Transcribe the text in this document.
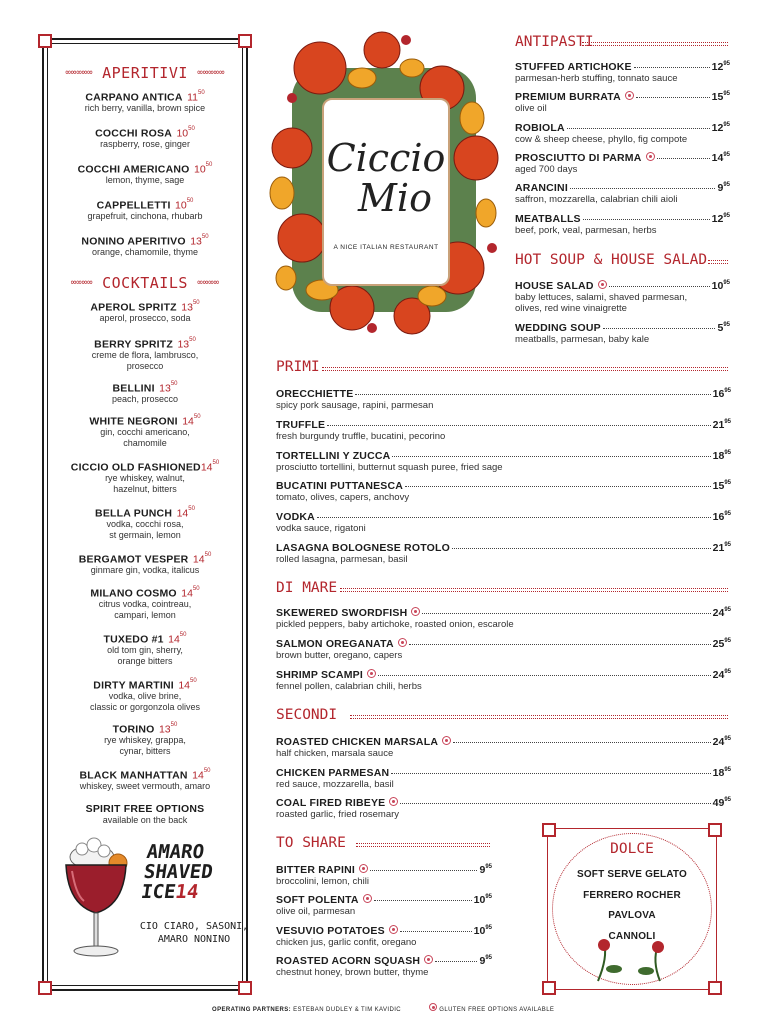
∞∞∞∞∞ APERITIVI ∞∞∞∞∞
CARPANO ANTICA $11^{50}$
rich berry, vanilla, brown spice
COCCHI ROSA $10^{50}$
raspberry, rose, ginger
COCCHI AMERICANO $10^{50}$
lemon, thyme, sage
CAPPELLETTI $10^{50}$
grapefruit, cinchona, rhubarb
NONINO APERITIVO $13^{50}$
orange, chamomile, thyme
∞∞∞∞ COCKTAILS ∞∞∞∞
APEROL SPRITZ $13^{50}$
aperol, prosecco, soda
BERRY SPRITZ $13^{50}$
creme de flora, lambrusco,
prosecco
BELLINI $13^{50}$
peach, prosecco
WHITE NEGRONI $14^{50}$
gin, cocchi americano,
chamomile
CICCIO OLD $FASHIONED14^{50}$
rye whiskey, walnut,
hazelnut, bitters
BELLA PUNCH $14^{50}$
vodka, cocchi rosa,
st germain, lemon
BERGAMOT VESPER $14^{50}$
ginmare gin, vodka, italicus
MILANO COSMO $14^{50}$
citrus vodka, cointreau,
campari, lemon
TUXEDO #1 $14^{50}$
old tom gin, sherry,
orange bitters
DIRTY MARTINI $14^{50}$
vodka, olive brine,
classic or gorgonzola olives
TORINO $13^{50}$
rye whiskey, grappa,
cynar, bitters
BLACK MANHATTAN $14^{50}$
whiskey, sweet vermouth, amaro
SPIRIT FREE OPTIONS
available on the back
AMARO
SHAVED
ICE14
CIO CIARO, SASONI,
AMARO NONINO
Ciccio
Mio
A NICE ITALIAN RESTAURANT
ANTIPASTI
STUFFED ARTICHOKE	$12^{95}$
parmesan-herb stuffing, tonnato sauce
PREMIUM BURRATA	$15^{95}$
olive oil
ROBIOLA	$12^{95}$
cow & sheep cheese, phyllo, fig compote
PROSCIUTTO DI PARMA	$14^{95}$
aged 700 days
ARANCINI	$9^{95}$
saffron, mozzarella, calabrian chili aioli
MEATBALLS	$12^{95}$
beef, pork, veal, parmesan, herbs
HOT SOUP & HOUSE SALAD
HOUSE SALAD	$10^{95}$
baby lettuces, salami, shaved parmesan,
olives, red wine vinaigrette
WEDDING SOUP	$5^{95}$
meatballs, parmesan, baby kale
PRIMI
ORECCHIETTE	$16^{95}$
spicy pork sausage, rapini, parmesan
TRUFFLE	$21^{95}$
fresh burgundy truffle, bucatini, pecorino
TORTELLINI Y ZUCCA	$18^{95}$
prosciutto tortellini, butternut squash puree, fried sage
BUCATINI PUTTANESCA	$15^{95}$
tomato, olives, capers, anchovy
VODKA	$16^{95}$
vodka sauce, rigatoni
LASAGNA BOLOGNESE ROTOLO	$21^{95}$
rolled lasagna, parmesan, basil
DI MARE
SKEWERED SWORDFISH	$24^{95}$
pickled peppers, baby artichoke, roasted onion, escarole
SALMON OREGANATA	$25^{95}$
brown butter, oregano, capers
SHRIMP SCAMPI	$24^{95}$
fennel pollen, calabrian chili, herbs
SECONDI
ROASTED CHICKEN MARSALA	$24^{95}$
half chicken, marsala sauce
CHICKEN PARMESAN	$18^{95}$
red sauce, mozzarella, basil
COAL FIRED RIBEYE	$49^{95}$
roasted garlic, fried rosemary
TO SHARE
BITTER RAPINI	$9^{95}$
broccolini, lemon, chili
SOFT POLENTA	$10^{95}$
olive oil, parmesan
VESUVIO POTATOES	$10^{95}$
chicken jus, garlic confit, oregano
ROASTED ACORN SQUASH	$9^{95}$
chestnut honey, brown butter, thyme
DOLCE
SOFT SERVE GELATO
FERRERO ROCHER
PAVLOVA
CANNOLI
OPERATING PARTNERS: ESTEBAN DUDLEY & TIM KAVIDIC	GLUTEN FREE OPTIONS AVAILABLE
